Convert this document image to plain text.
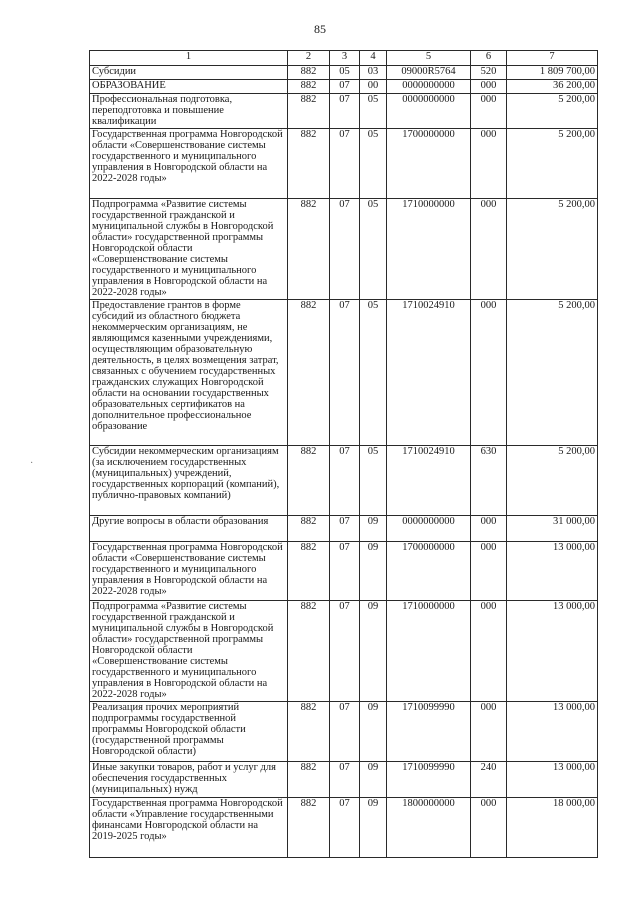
85
·
1	2	3	4	5	6	7
Субсидии	882	05	03	09000R5764	520	1 809 700,00
ОБРАЗОВАНИЕ	882	07	00	0000000000	000	36 200,00
Профессиональная подготовка, переподготовка и повышение квалификации	882	07	05	0000000000	000	5 200,00
Государственная программа Новгородской области «Совершенствование системы государственного и муниципального управления в Новгородской области на 2022-2028 годы»	882	07	05	1700000000	000	5 200,00
Подпрограмма «Развитие системы государственной гражданской и муниципальной службы в Новгородской области» государственной программы Новгородской области «Совершенствование системы государственного и муниципального управления в Новгородской области на 2022-2028 годы»	882	07	05	1710000000	000	5 200,00
Предоставление грантов в форме субсидий из областного бюджета некоммерческим организациям, не являющимся казенными учреждениями, осуществляющим образовательную деятельность, в целях возмещения затрат, связанных с обучением государственных гражданских служащих Новгородской области на основании государственных образовательных сертификатов на дополнительное профессиональное образование	882	07	05	1710024910	000	5 200,00
Субсидии некоммерческим организациям (за исключением государственных (муниципальных) учреждений, государственных корпораций (компаний), публично-правовых компаний)	882	07	05	1710024910	630	5 200,00
Другие вопросы в области образования	882	07	09	0000000000	000	31 000,00
Государственная программа Новгородской области «Совершенствование системы государственного и муниципального управления в Новгородской области на 2022-2028 годы»	882	07	09	1700000000	000	13 000,00
Подпрограмма «Развитие системы государственной гражданской и муниципальной службы в Новгородской области» государственной программы Новгородской области «Совершенствование системы государственного и муниципального управления в Новгородской области на 2022-2028 годы»	882	07	09	1710000000	000	13 000,00
Реализация прочих мероприятий подпрограммы государственной программы Новгородской области (государственной программы Новгородской области)	882	07	09	1710099990	000	13 000,00
Иные закупки товаров, работ и услуг для обеспечения государственных (муниципальных) нужд	882	07	09	1710099990	240	13 000,00
Государственная программа Новгородской области «Управление государственными финансами Новгородской области на 2019-2025 годы»	882	07	09	1800000000	000	18 000,00
